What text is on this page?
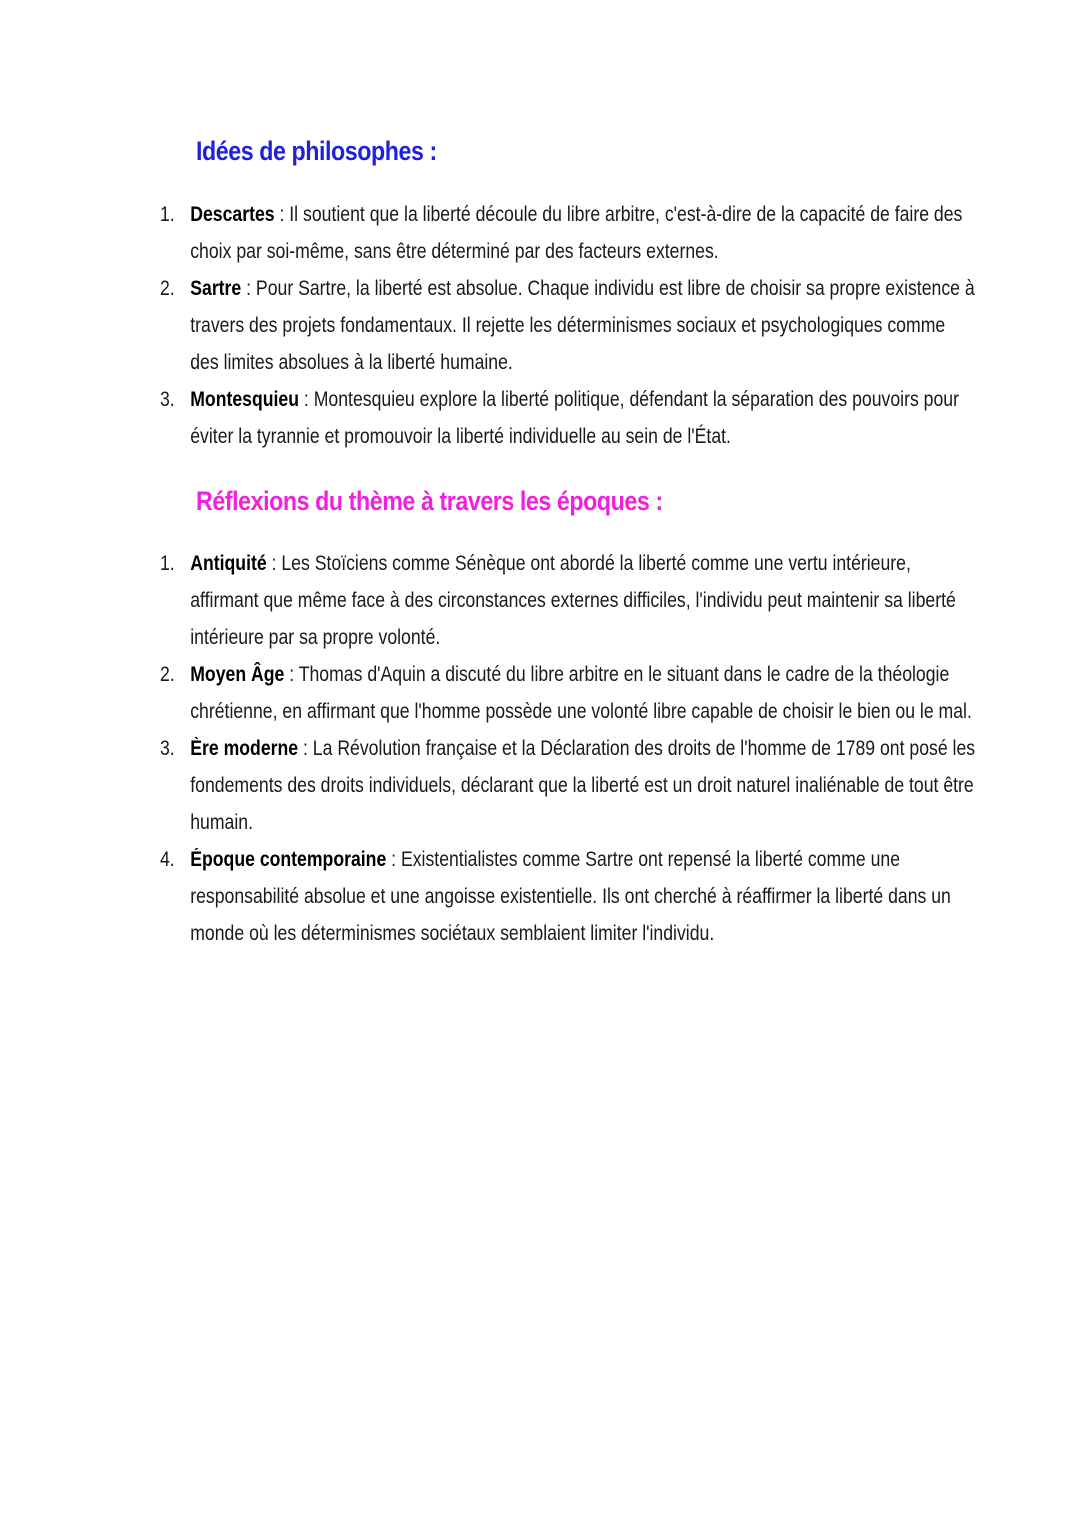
Idées de philosophes :
1. Descartes : Il soutient que la liberté découle du libre arbitre, c'est-à-dire de la capacité de faire des choix par soi-même, sans être déterminé par des facteurs externes.
2. Sartre : Pour Sartre, la liberté est absolue. Chaque individu est libre de choisir sa propre existence à travers des projets fondamentaux. Il rejette les déterminismes sociaux et psychologiques comme des limites absolues à la liberté humaine.
3. Montesquieu : Montesquieu explore la liberté politique, défendant la séparation des pouvoirs pour éviter la tyrannie et promouvoir la liberté individuelle au sein de l'État.
Réflexions du thème à travers les époques :
1. Antiquité : Les Stoïciens comme Sénèque ont abordé la liberté comme une vertu intérieure, affirmant que même face à des circonstances externes difficiles, l'individu peut maintenir sa liberté intérieure par sa propre volonté.
2. Moyen Âge : Thomas d'Aquin a discuté du libre arbitre en le situant dans le cadre de la théologie chrétienne, en affirmant que l'homme possède une volonté libre capable de choisir le bien ou le mal.
3. Ère moderne : La Révolution française et la Déclaration des droits de l'homme de 1789 ont posé les fondements des droits individuels, déclarant que la liberté est un droit naturel inaliénable de tout être humain.
4. Époque contemporaine : Existentialistes comme Sartre ont repensé la liberté comme une responsabilité absolue et une angoisse existentielle. Ils ont cherché à réaffirmer la liberté dans un monde où les déterminismes sociétaux semblaient limiter l'individu.
